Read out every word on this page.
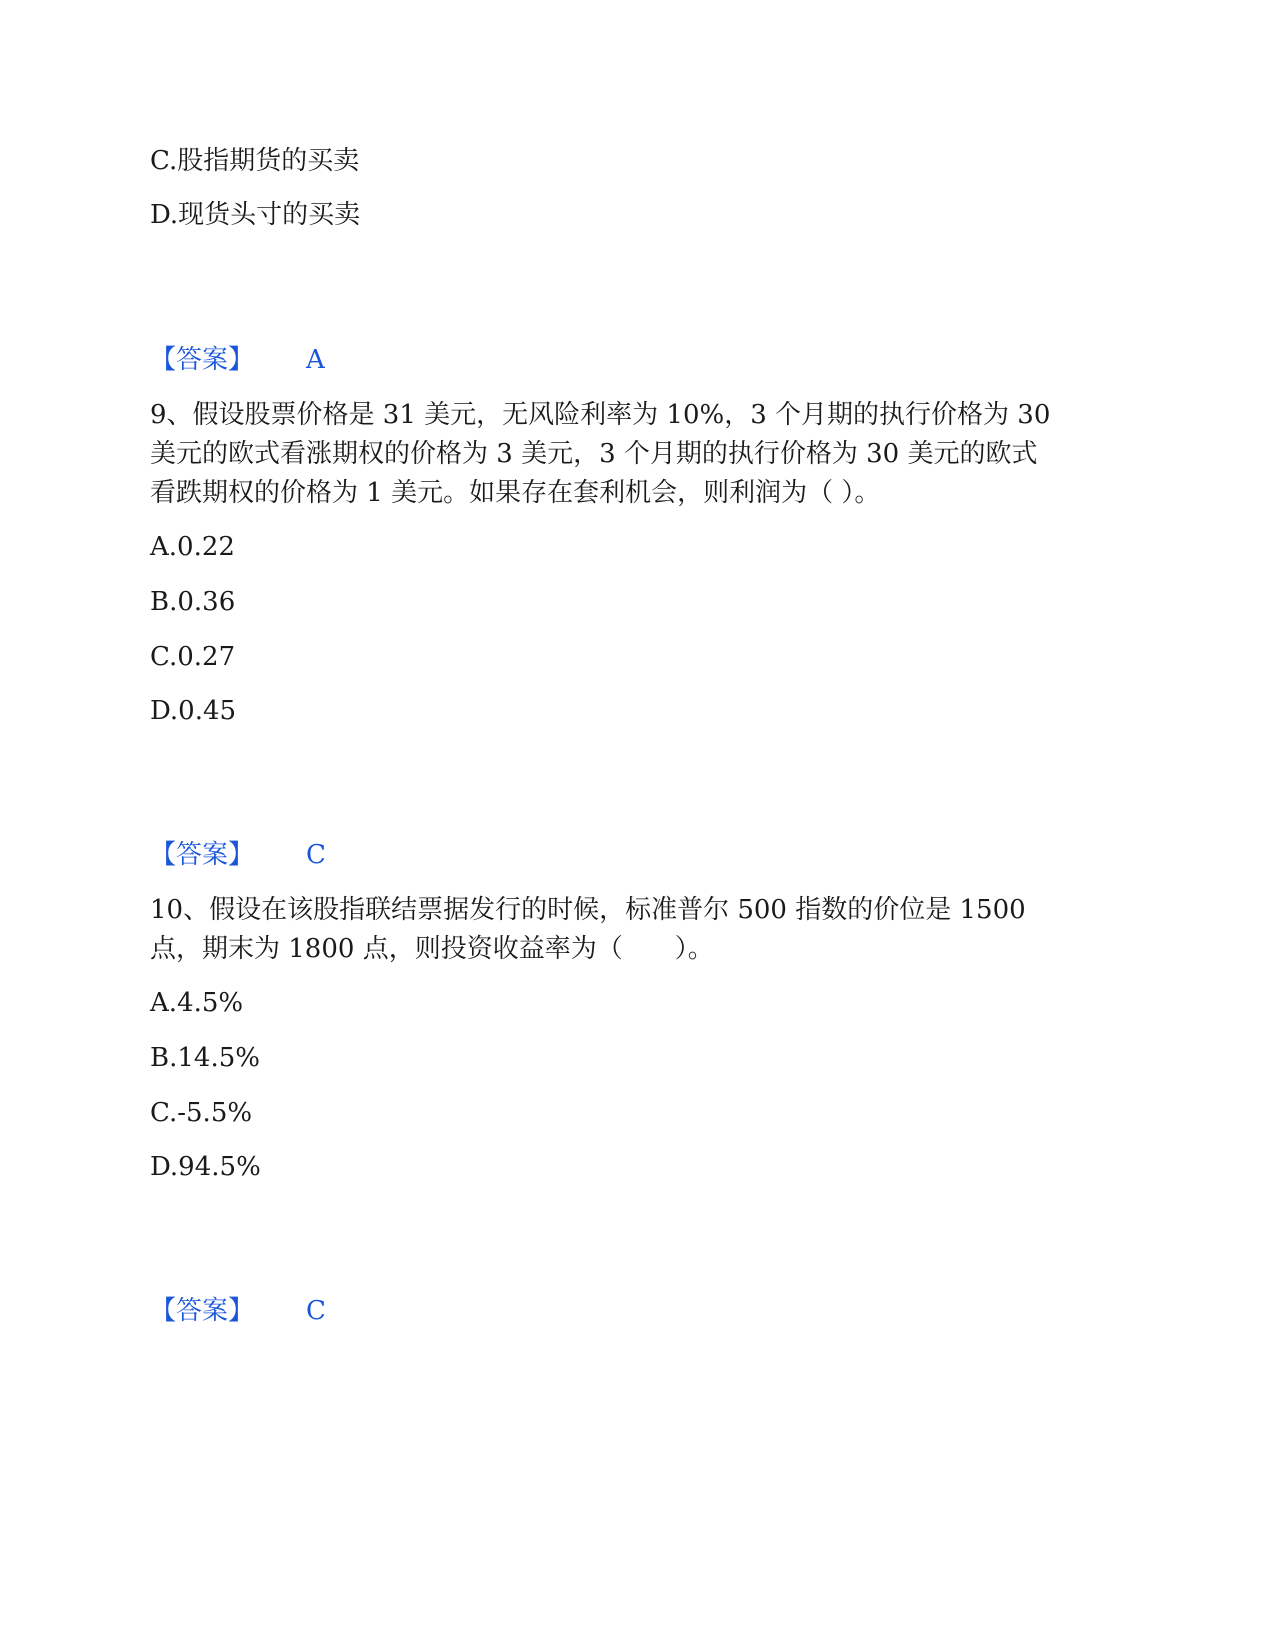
C.股指期货的买卖
D.现货头寸的买卖
【答案】 A
9、假设股票价格是 31 美元，无风险利率为 10%，3 个月期的执行价格为 30
美元的欧式看涨期权的价格为 3 美元，3 个月期的执行价格为 30 美元的欧式
看跌期权的价格为 1 美元。如果存在套利机会，则利润为（ ）。
A.0.22
B.0.36
C.0.27
D.0.45
【答案】 C
10、假设在该股指联结票据发行的时候，标准普尔 500 指数的价位是 1500
点，期末为 1800 点，则投资收益率为（　　）。
A.4.5%
B.14.5%
C.-5.5%
D.94.5%
【答案】 C
